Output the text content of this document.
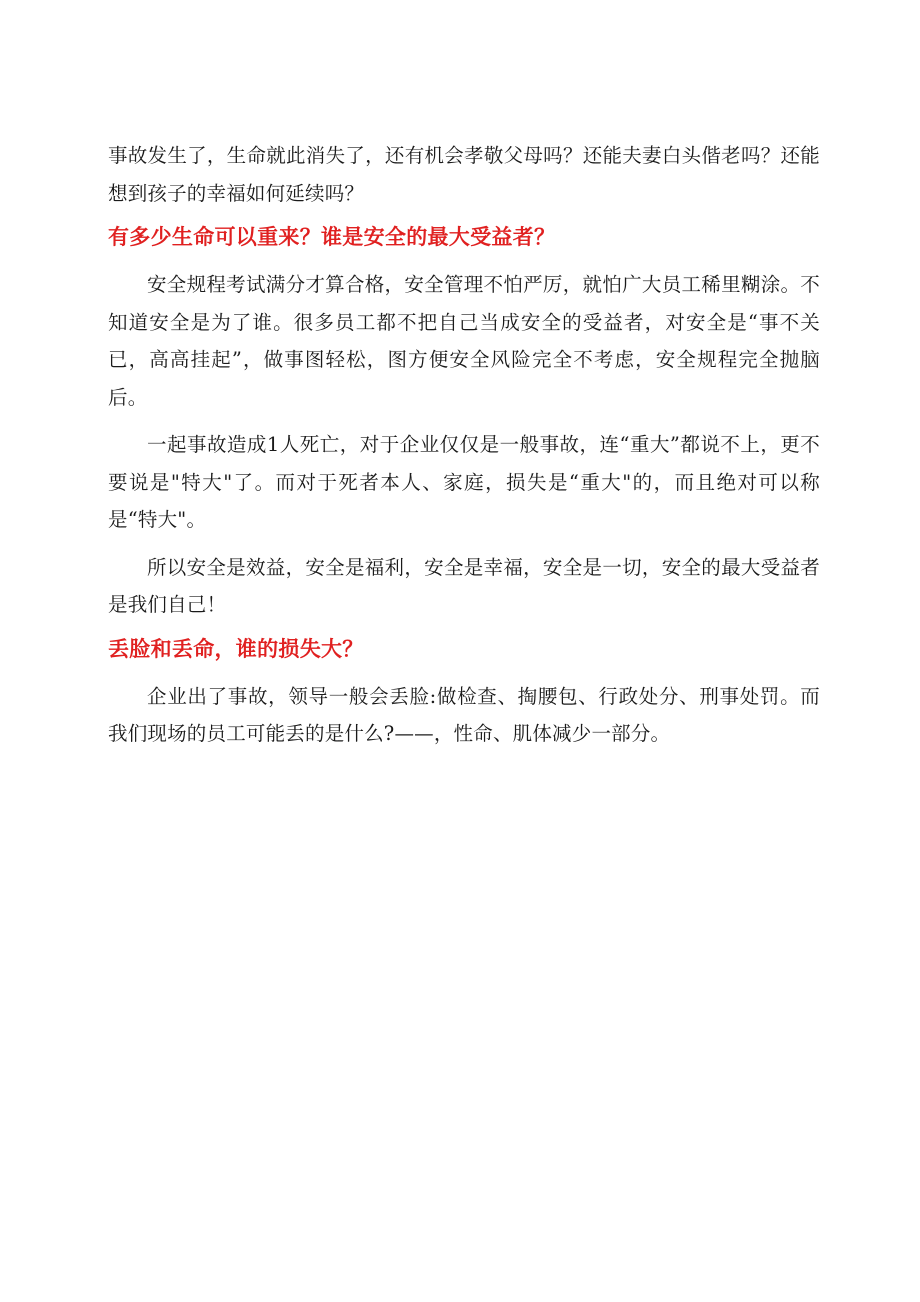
事故发生了，生命就此消失了，还有机会孝敬父母吗？还能夫妻白头偕老吗？还能想到孩子的幸福如何延续吗？

有多少生命可以重来？谁是安全的最大受益者？

安全规程考试满分才算合格，安全管理不怕严厉，就怕广大员工稀里糊涂。不知道安全是为了谁。很多员工都不把自己当成安全的受益者，对安全是“事不关已，高高挂起”，做事图轻松，图方便安全风险完全不考虑，安全规程完全抛脑后。

一起事故造成1人死亡，对于企业仅仅是一般事故，连“重大”都说不上，更不要说是"特大"了。而对于死者本人、家庭，损失是“重大"的，而且绝对可以称是“特大"。

所以安全是效益，安全是福利，安全是幸福，安全是一切，安全的最大受益者是我们自己！

丢脸和丢命，谁的损失大？

企业出了事故，领导一般会丢脸:做检查、掏腰包、行政处分、刑事处罚。而我们现场的员工可能丢的是什么?——，性命、肌体减少一部分。
